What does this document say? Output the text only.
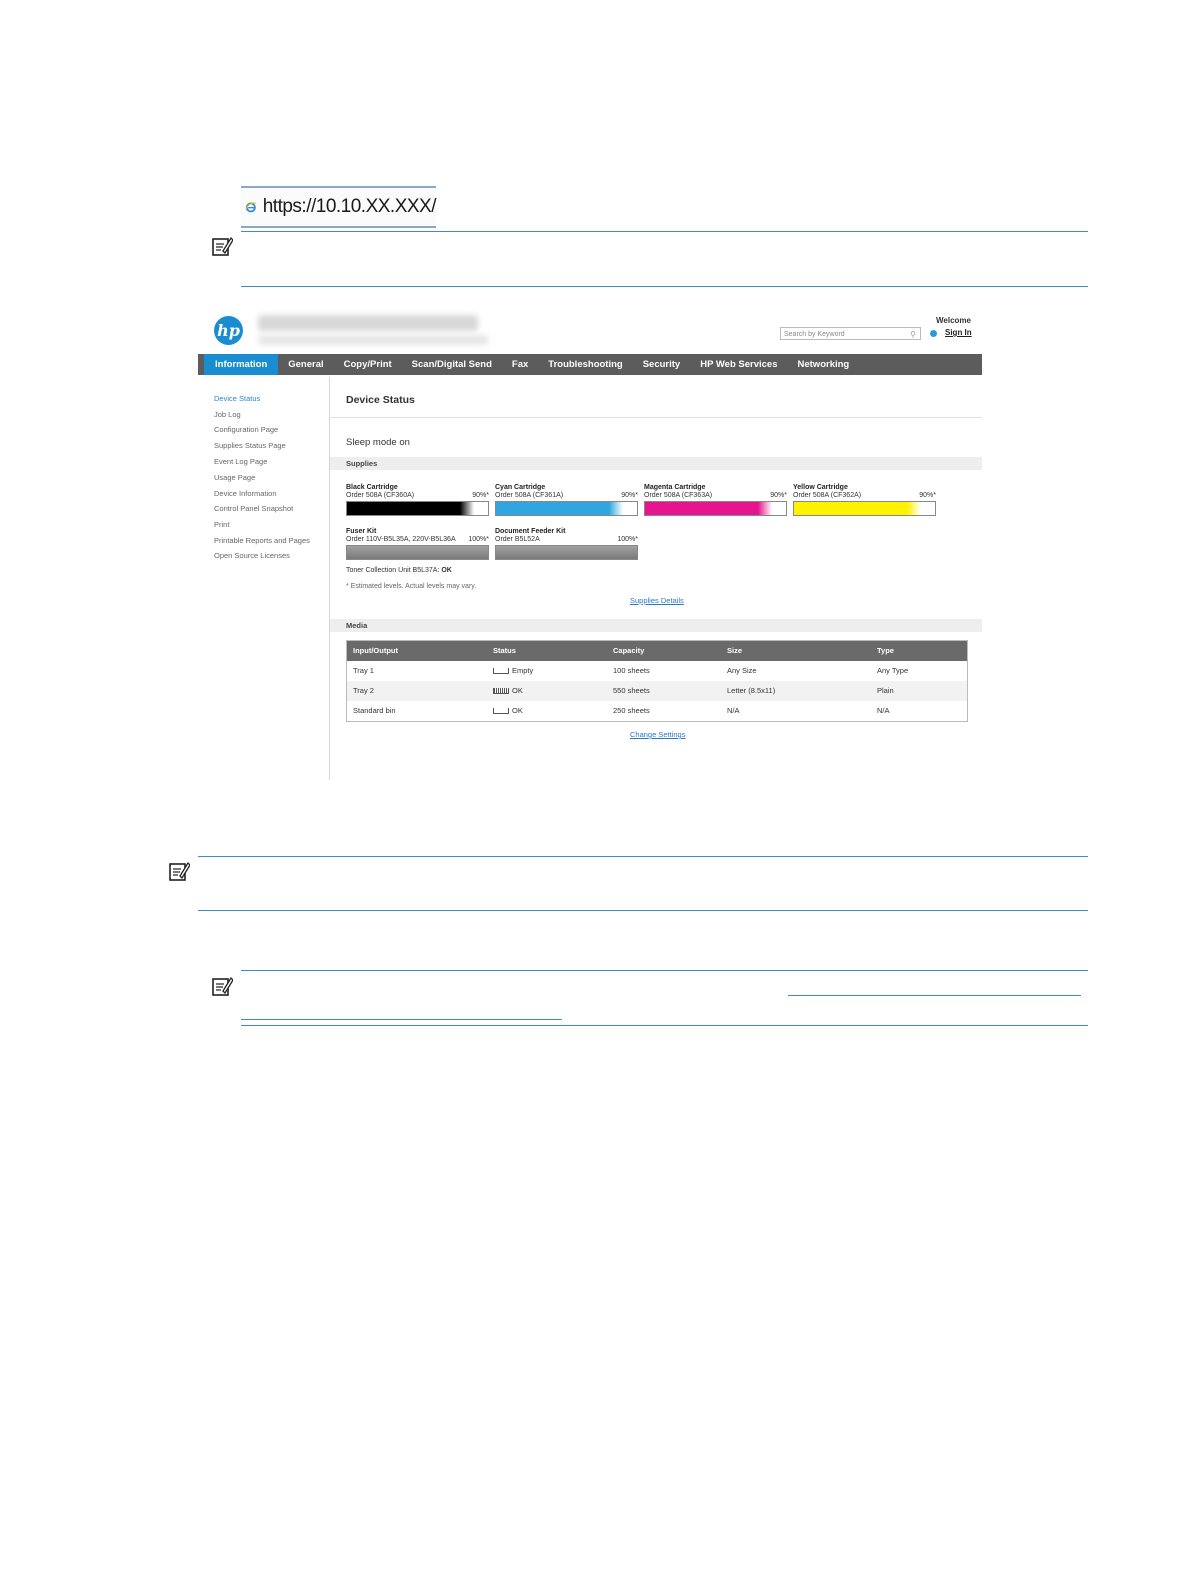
https://10.10.XX.XXX/
hp
Welcome
Search by Keyword	⚲	Sign In
Information	General	Copy/Print	Scan/Digital Send	Fax	Troubleshooting	Security	HP Web Services	Networking
Device Status
Job Log
Configuration Page
Supplies Status Page
Event Log Page
Usage Page
Device Information
Control Panel Snapshot
Print
Printable Reports and Pages
Open Source Licenses
Device Status
Sleep mode on
Supplies
Black Cartridge
Order 508A (CF360A)	90%*
Cyan Cartridge
Order 508A (CF361A)	90%*
Magenta Cartridge
Order 508A (CF363A)	90%*
Yellow Cartridge
Order 508A (CF362A)	90%*
Fuser Kit
Order 110V-B5L35A, 220V-B5L36A 100%*
Document Feeder Kit
Order B5L52A	100%*
Toner Collection Unit B5L37A: OK
* Estimated levels. Actual levels may vary.
Supplies Details
Media
Input/Output	Status	Capacity	Size	Type
Tray 1	Empty	100 sheets	Any Size	Any Type
Tray 2	OK	550 sheets	Letter (8.5x11)	Plain
Standard bin	OK	250 sheets	N/A	N/A
Change Settings
